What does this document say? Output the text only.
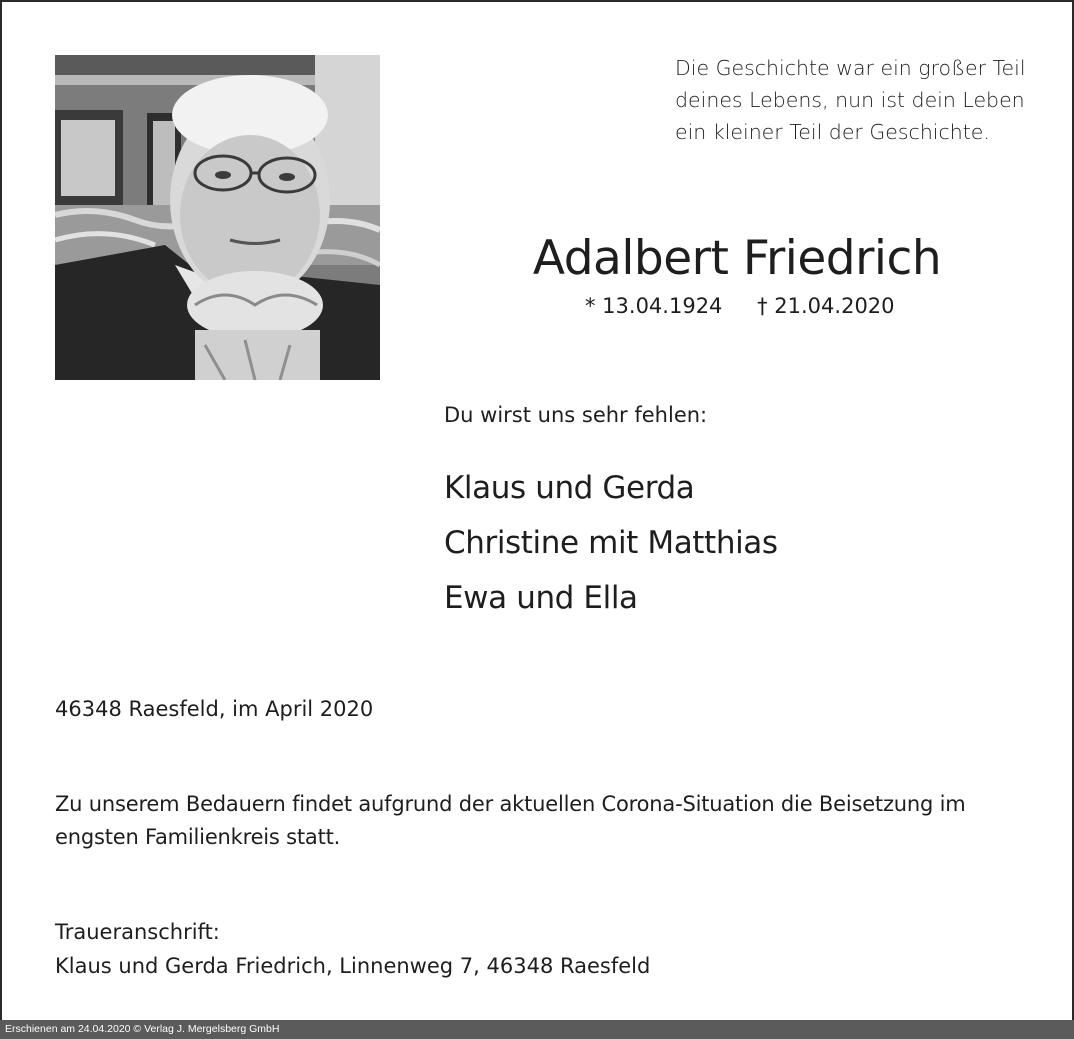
Die Geschichte war ein großer Teil
deines Lebens, nun ist dein Leben
ein kleiner Teil der Geschichte.
Adalbert Friedrich
* 13.04.1924 † 21.04.2020
Du wirst uns sehr fehlen:
Klaus und Gerda
Christine mit Matthias
Ewa und Ella
46348 Raesfeld, im April 2020
Zu unserem Bedauern findet aufgrund der aktuellen Corona-Situation die Beisetzung im
engsten Familienkreis statt.
Traueranschrift:
Klaus und Gerda Friedrich, Linnenweg 7, 46348 Raesfeld
Erschienen am 24.04.2020 © Verlag J. Mergelsberg GmbH
